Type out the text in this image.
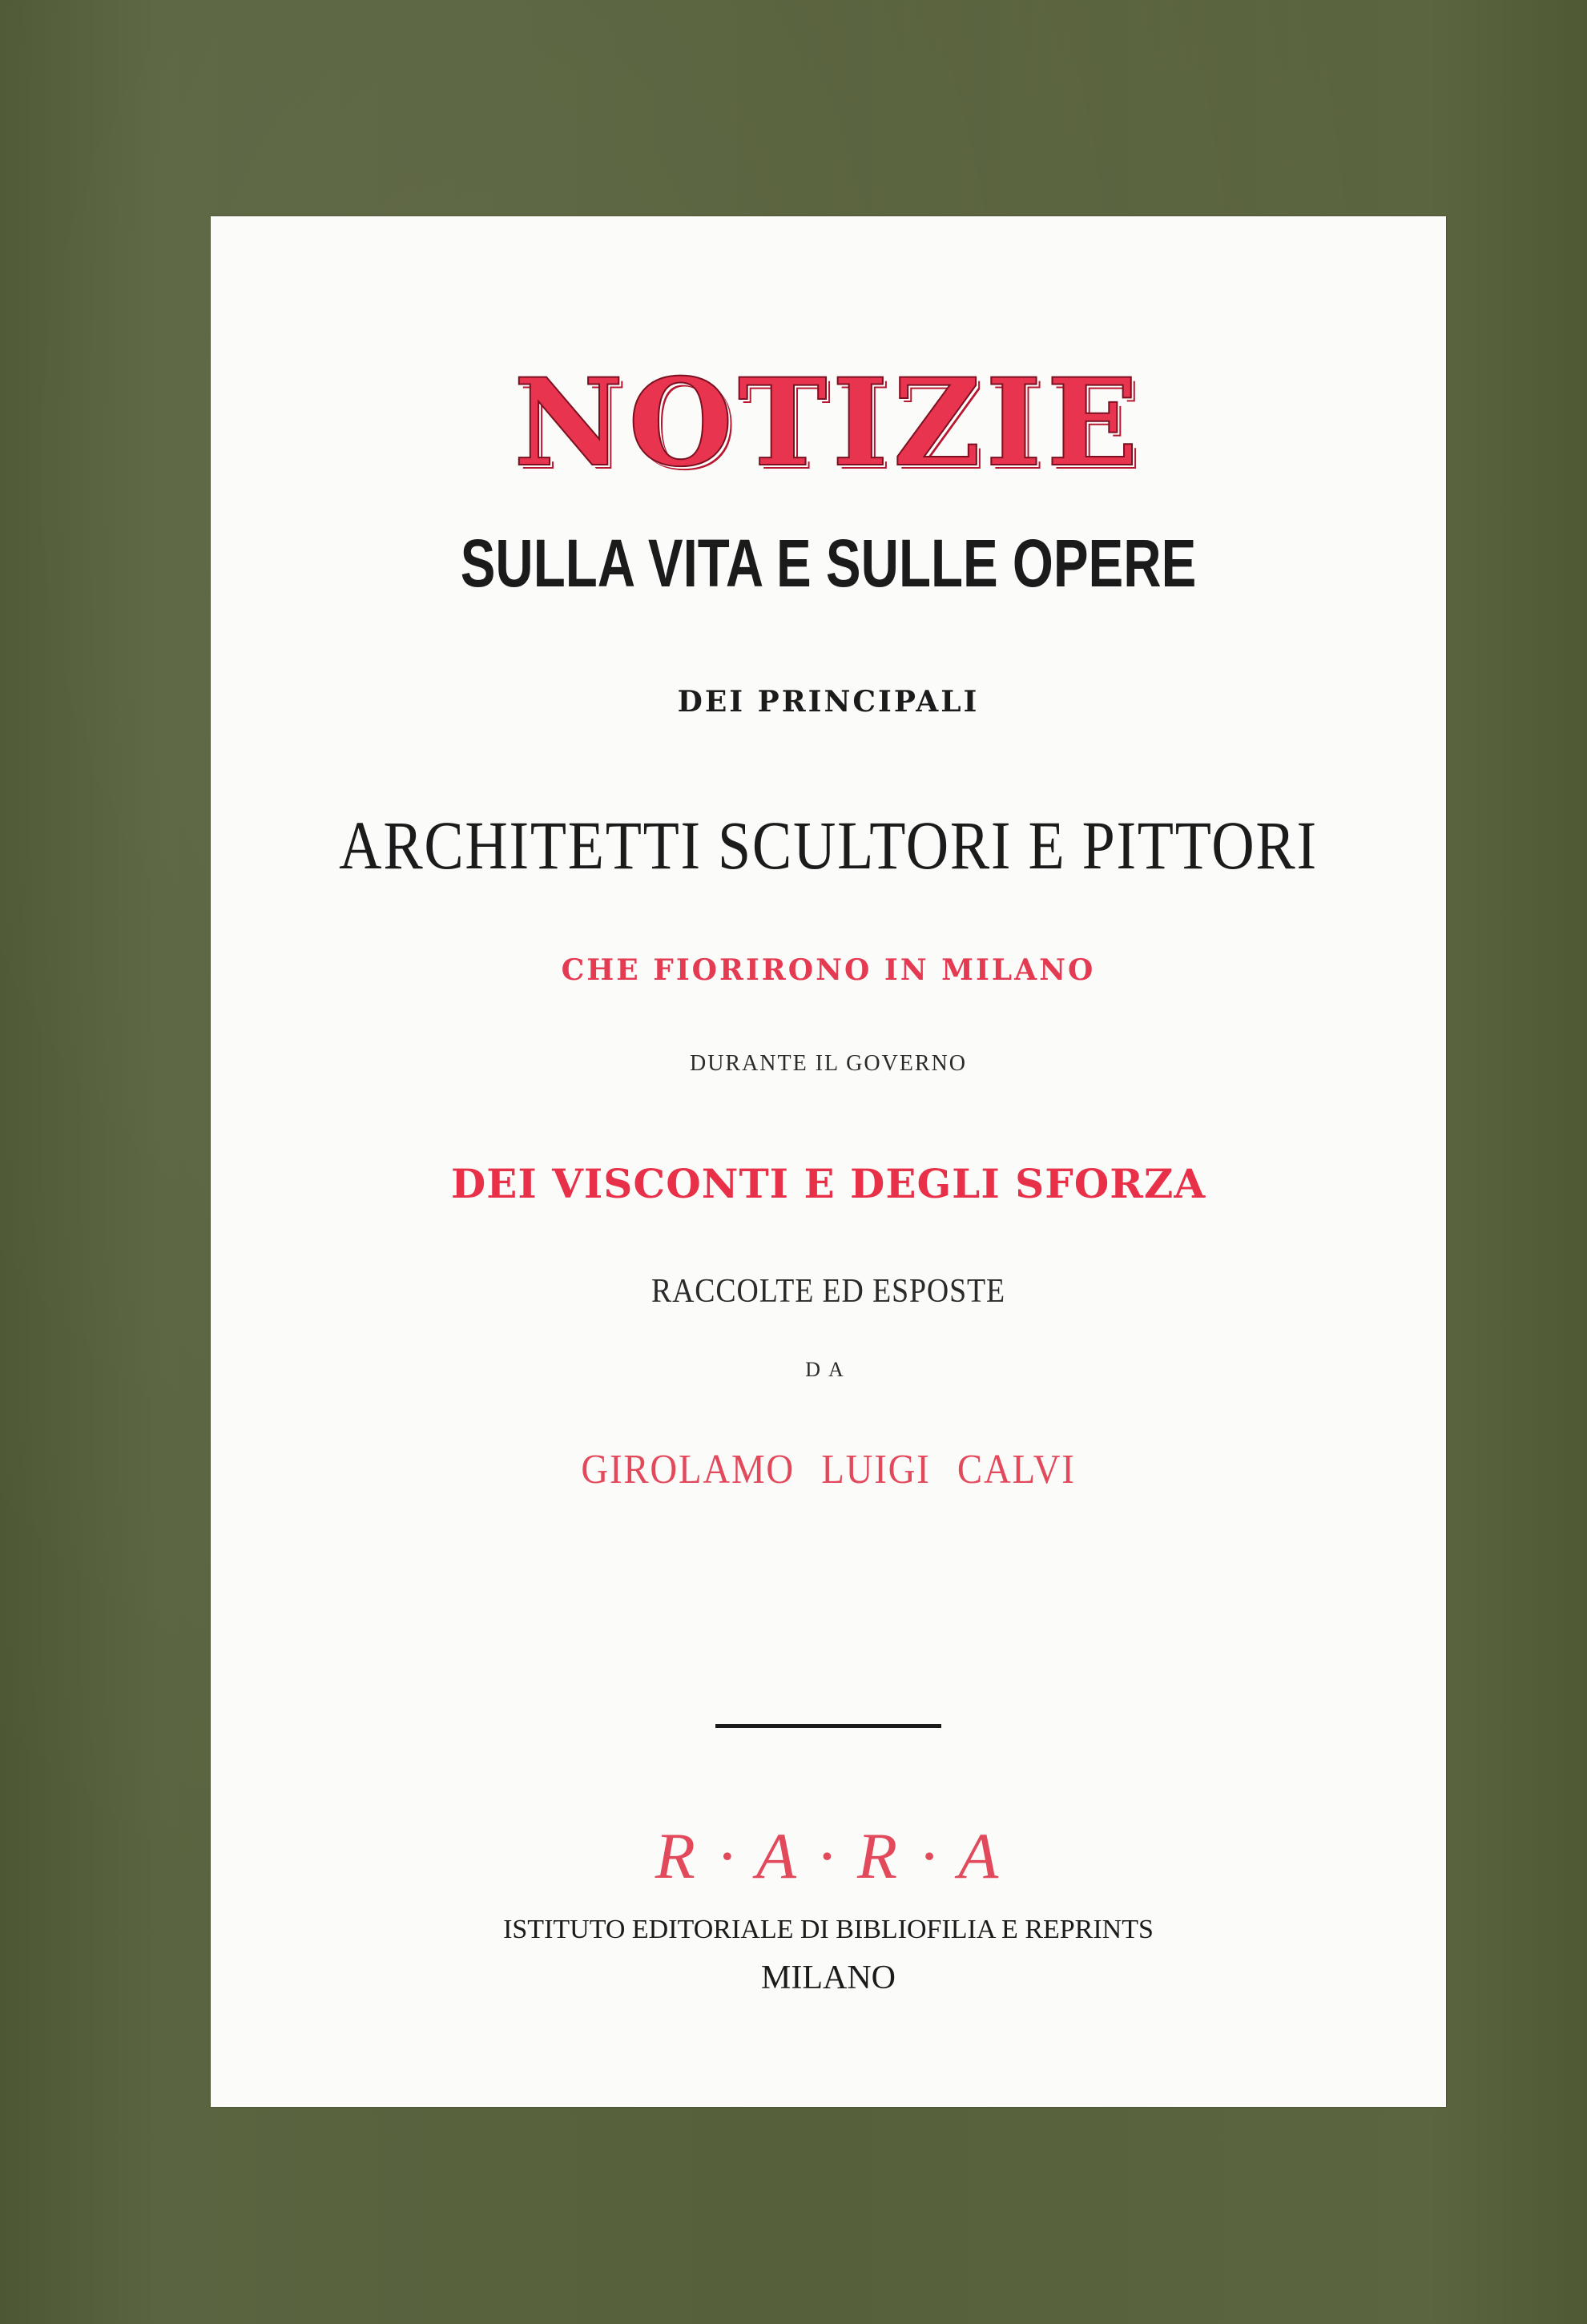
NOTIZIE

SULLA VITA E SULLE OPERE

DEI PRINCIPALI

ARCHITETTI SCULTORI E PITTORI

CHE FIORIRONO IN MILANO

DURANTE IL GOVERNO

DEI VISCONTI E DEGLI SFORZA

RACCOLTE ED ESPOSTE

DA

GIROLAMO LUIGI CALVI

R · A · R · A

ISTITUTO EDITORIALE DI BIBLIOFILIA E REPRINTS

MILANO
